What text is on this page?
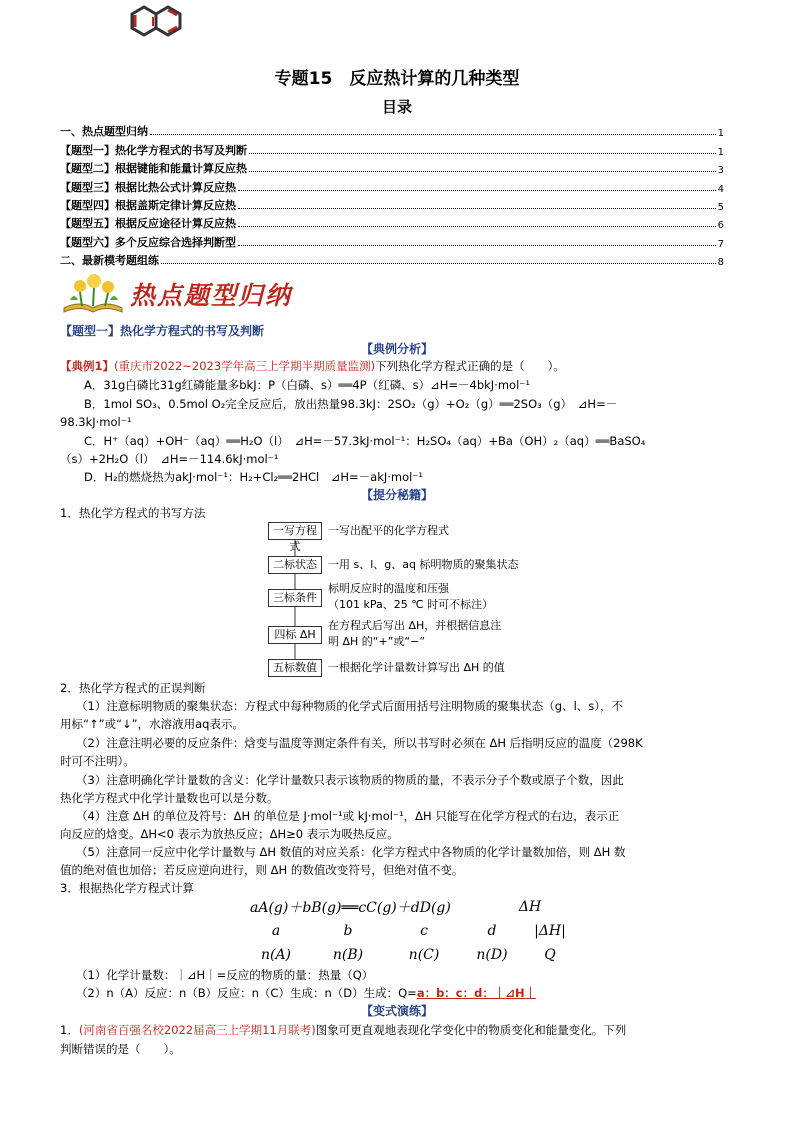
专题15　反应热计算的几种类型
目录
一、热点题型归纳	1
【题型一】热化学方程式的书写及判断	1
【题型二】根据键能和能量计算反应热	3
【题型三】根据比热公式计算反应热	4
【题型四】根据盖斯定律计算反应热	5
【题型五】根据反应途径计算反应热	6
【题型六】多个反应综合选择判断型	7
二、最新模考题组练	8
热点题型归纳
【题型一】热化学方程式的书写及判断
【典例分析】
【典例1】(重庆市2022~2023学年高三上学期半期质量监测)下列热化学方程式正确的是（　　）。
A．31g白磷比31g红磷能量多bkJ：P（白磷、s）══4P（红磷、s）⊿H=－4bkJ·mol⁻¹
B．1mol SO₃、0.5mol O₂完全反应后，放出热量98.3kJ：2SO₂（g）+O₂（g）══2SO₃（g）　⊿H=－
98.3kJ·mol⁻¹
C．H⁺（aq）+OH⁻（aq）══H₂O（l）　⊿H=－57.3kJ·mol⁻¹：H₂SO₄（aq）+Ba（OH）₂（aq）══BaSO₄
（s）+2H₂O（l）　⊿H=－114.6kJ·mol⁻¹
D．H₂的燃烧热为akJ·mol⁻¹：H₂+Cl₂══2HCl　⊿H=－akJ·mol⁻¹
【提分秘籍】
1．热化学方程式的书写方法
一写方程式
一写出配平的化学方程式
二标状态	一用 s、l、g、aq 标明物质的聚集状态
三标条件
标明反应时的温度和压强
（101 kPa、25 ℃ 时可不标注）
四标 ΔH
在方程式后写出 ΔH，并根据信息注
明 ΔH 的“+”或“−”
五标数值	一根据化学计量数计算写出 ΔH 的值
2．热化学方程式的正误判断
（1）注意标明物质的聚集状态：方程式中每种物质的化学式后面用括号注明物质的聚集状态（g、l、s），不
用标“↑”或“↓”，水溶液用aq表示。
（2）注意注明必要的反应条件：焓变与温度等测定条件有关，所以书写时必须在 ΔH 后指明反应的温度（298K
时可不注明）。
（3）注意明确化学计量数的含义：化学计量数只表示该物质的物质的量，不表示分子个数或原子个数，因此
热化学方程式中化学计量数也可以是分数。
（4）注意 ΔH 的单位及符号：ΔH 的单位是 J·mol⁻¹或 kJ·mol⁻¹，ΔH 只能写在化学方程式的右边，表示正
向反应的焓变。ΔH<0 表示为放热反应；ΔH≥0 表示为吸热反应。
（5）注意同一反应中化学计量数与 ΔH 数值的对应关系：化学方程式中各物质的化学计量数加倍，则 ΔH 数
值的绝对值也加倍；若反应逆向进行，则 ΔH 的数值改变符号，但绝对值不变。
3．根据热化学方程式计算
aA(g)＋bB(g)══cC(g)＋dD(g)	ΔH
a	b	c	d	|ΔH|
n(A)	n(B)	n(C)	n(D)	Q
（1）化学计量数：｜⊿H｜=反应的物质的量：热量（Q）
（2）n（A）反应：n（B）反应：n（C）生成：n（D）生成：Q=a：b：c：d：｜⊿H｜
【变式演练】
1．(河南省百强名校2022届高三上学期11月联考)图象可更直观地表现化学变化中的物质变化和能量变化。下列
判断错误的是（　　）。
